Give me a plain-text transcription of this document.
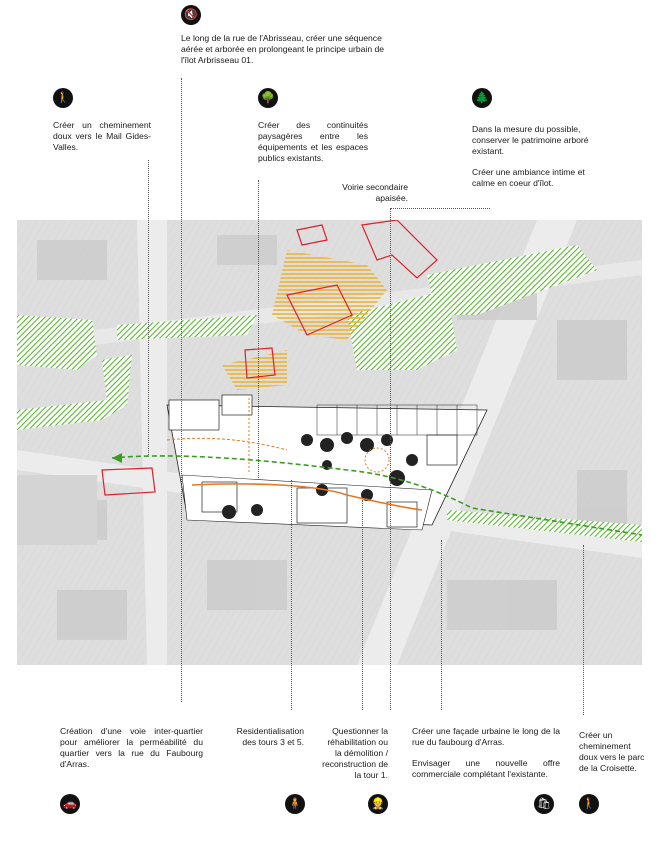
🔇
Le long de la rue de l'Abrisseau, créer une séquence aérée et arborée en prolongeant le principe urbain de l'îlot Arbrisseau 01.
🚶
Créer un cheminement doux vers le Mail Gides-Valles.
🌳
Créer des continuités paysagères entre les équipements et les espaces publics existants.
🌲

Dans la mesure du possible, conserver le patrimoine arboré existant.

Créer une ambiance intime et calme en coeur d'îlot.

Voirie secondaire apaisée.
Création d'une voie inter-quartier pour améliorer la perméabilité du quartier vers la rue du Faubourg d'Arras.
🚗
Residentialisation des tours 3 et 5.
🧍
Questionner la réhabilitation ou la démolition / reconstruction de la tour 1.
👷

Créer une façade urbaine le long de la rue du faubourg d'Arras.

Envisager une nouvelle offre commerciale complétant l'existante.

🛍
Créer un cheminement doux vers le parc de la Croisette.
🚶
